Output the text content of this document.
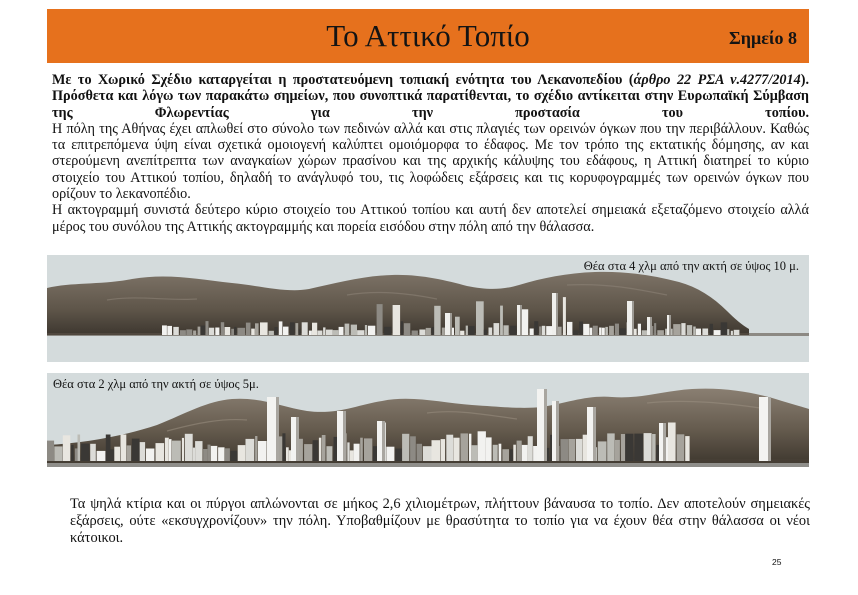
Το Αττικό Τοπίο	Σημείο 8

Με το Χωρικό Σχέδιο καταργείται η προστατευόμενη τοπιακή ενότητα του Λεκανοπεδίου (άρθρο 22 ΡΣΑ ν.4277/2014). Πρόσθετα και λόγω των παρακάτω σημείων, που συνοπτικά παρατίθενται, το σχέδιο αντίκειται στην Ευρωπαϊκή Σύμβαση της Φλωρεντίας για την προστασία του τοπίου.

Η πόλη της Αθήνας έχει απλωθεί στο σύνολο των πεδινών αλλά και στις πλαγιές των ορεινών όγκων που την περιβάλλουν. Καθώς τα επιτρεπόμενα ύψη είναι σχετικά ομοιογενή καλύπτει ομοιόμορφα το έδαφος. Με τον τρόπο της εκτατικής δόμησης, αν και στερούμενη ανεπίτρεπτα των αναγκαίων χώρων πρασίνου και της αρχικής κάλυψης του εδάφους, η Αττική διατηρεί το κύριο στοιχείο του Αττικού τοπίου, δηλαδή το ανάγλυφό του, τις λοφώδεις εξάρσεις και τις κορυφογραμμές των ορεινών όγκων που ορίζουν το λεκανοπέδιο.

Η ακτογραμμή συνιστά δεύτερο κύριο στοιχείο του Αττικού τοπίου και αυτή δεν αποτελεί σημειακά εξεταζόμενο στοιχείο αλλά μέρος του συνόλου της Αττικής ακτογραμμής και πορεία εισόδου στην πόλη από την θάλασσα.

Θέα στα 4 χλμ από την ακτή σε ύψος 10 μ.
Θέα στα 2 χλμ από την ακτή σε ύψος 5μ.
Τα ψηλά κτίρια και οι πύργοι απλώνονται σε μήκος 2,6 χιλιομέτρων, πλήττουν βάναυσα το τοπίο. Δεν αποτελούν σημειακές εξάρσεις, ούτε «εκσυγχρονίζουν» την πόλη. Υποβαθμίζουν με θρασύτητα το τοπίο για να έχουν θέα στην θάλασσα οι νέοι κάτοικοι.
25
